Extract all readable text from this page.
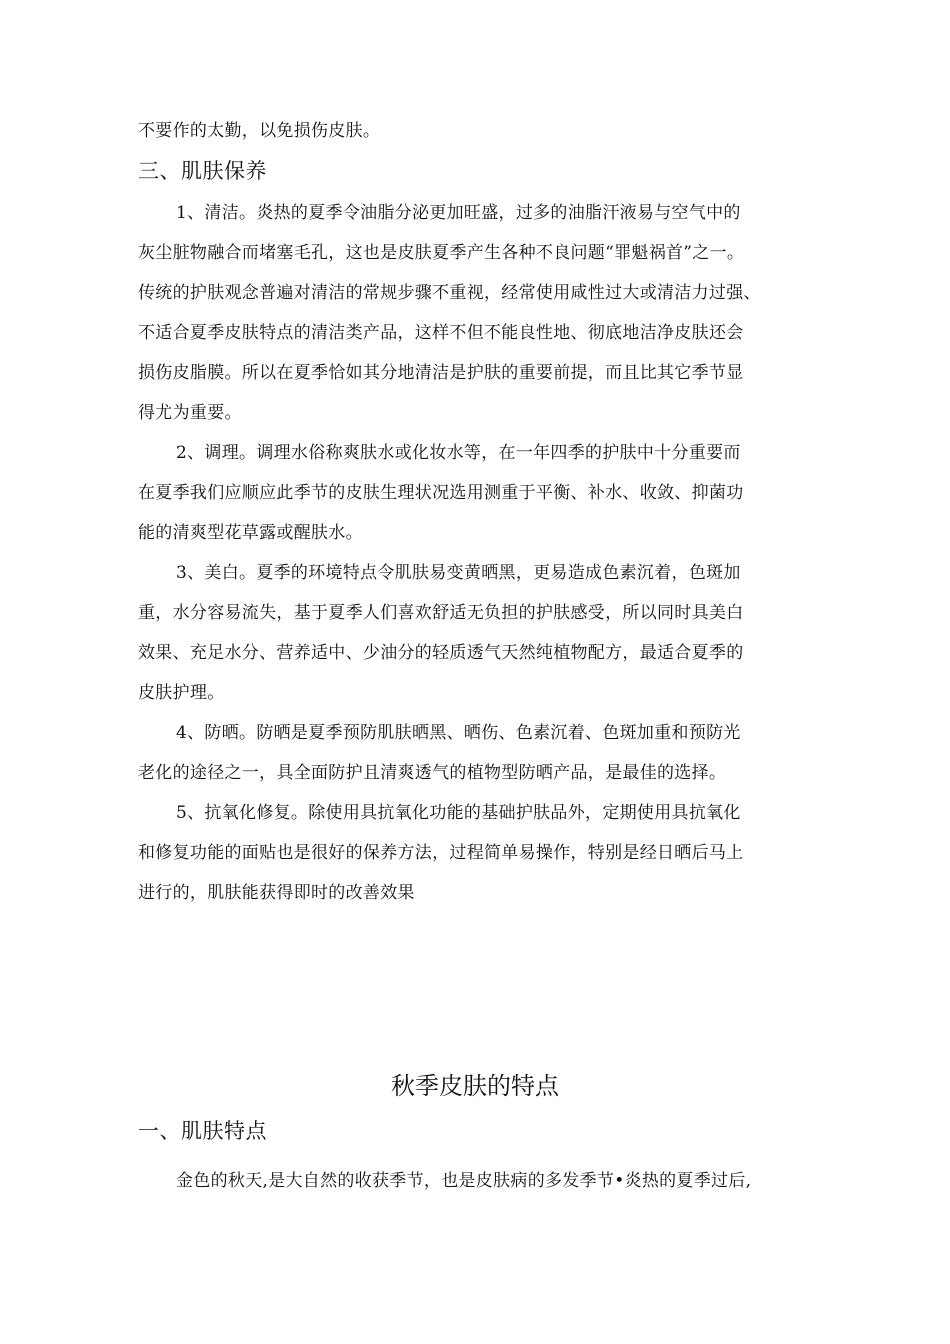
不要作的太勤，以免损伤皮肤。
三、肌肤保养
1、清洁。炎热的夏季令油脂分泌更加旺盛，过多的油脂汗液易与空气中的
灰尘脏物融合而堵塞毛孔，这也是皮肤夏季产生各种不良问题“罪魁祸首”之一。
传统的护肤观念普遍对清洁的常规步骤不重视，经常使用咸性过大或清洁力过强、
不适合夏季皮肤特点的清洁类产品，这样不但不能良性地、彻底地洁净皮肤还会
损伤皮脂膜。所以在夏季恰如其分地清洁是护肤的重要前提，而且比其它季节显
得尤为重要。
2、调理。调理水俗称爽肤水或化妆水等，在一年四季的护肤中十分重要而
在夏季我们应顺应此季节的皮肤生理状况选用测重于平衡、补水、收敛、抑菌功
能的清爽型花草露或醒肤水。
3、美白。夏季的环境特点令肌肤易变黄晒黑，更易造成色素沉着，色斑加
重，水分容易流失，基于夏季人们喜欢舒适无负担的护肤感受，所以同时具美白
效果、充足水分、营养适中、少油分的轻质透气天然纯植物配方，最适合夏季的
皮肤护理。
4、防晒。防晒是夏季预防肌肤晒黑、晒伤、色素沉着、色斑加重和预防光
老化的途径之一，具全面防护且清爽透气的植物型防晒产品，是最佳的选择。
5、抗氧化修复。除使用具抗氧化功能的基础护肤品外，定期使用具抗氧化
和修复功能的面贴也是很好的保养方法，过程简单易操作，特别是经日晒后马上
进行的，肌肤能获得即时的改善效果
秋季皮肤的特点
一、肌肤特点
金色的秋天,是大自然的收获季节，也是皮肤病的多发季节•炎热的夏季过后,
